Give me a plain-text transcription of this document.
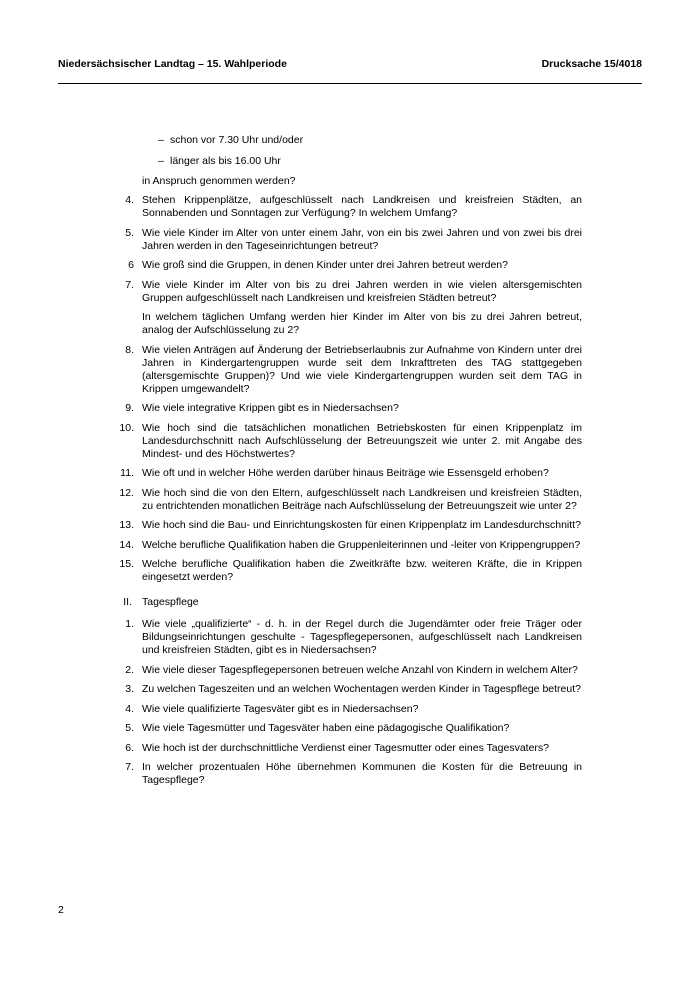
Niedersächsischer Landtag – 15. Wahlperiode	Drucksache 15/4018
– schon vor 7.30 Uhr und/oder
– länger als bis 16.00 Uhr
in Anspruch genommen werden?
4. Stehen Krippenplätze, aufgeschlüsselt nach Landkreisen und kreisfreien Städten, an Sonnabenden und Sonntagen zur Verfügung? In welchem Umfang?
5. Wie viele Kinder im Alter von unter einem Jahr, von ein bis zwei Jahren und von zwei bis drei Jahren werden in den Tageseinrichtungen betreut?
6 Wie groß sind die Gruppen, in denen Kinder unter drei Jahren betreut werden?
7. Wie viele Kinder im Alter von bis zu drei Jahren werden in wie vielen altersgemischten Gruppen aufgeschlüsselt nach Landkreisen und kreisfreien Städten betreut?
In welchem täglichen Umfang werden hier Kinder im Alter von bis zu drei Jahren betreut, analog der Aufschlüsselung zu 2?
8. Wie vielen Anträgen auf Änderung der Betriebserlaubnis zur Aufnahme von Kindern unter drei Jahren in Kindergartengruppen wurde seit dem Inkrafttreten des TAG stattgegeben (altersgemischte Gruppen)? Und wie viele Kindergartengruppen wurden seit dem TAG in Krippen umgewandelt?
9. Wie viele integrative Krippen gibt es in Niedersachsen?
10. Wie hoch sind die tatsächlichen monatlichen Betriebskosten für einen Krippenplatz im Landesdurchschnitt nach Aufschlüsselung der Betreuungszeit wie unter 2. mit Angabe des Mindest- und des Höchstwertes?
11. Wie oft und in welcher Höhe werden darüber hinaus Beiträge wie Essensgeld erhoben?
12. Wie hoch sind die von den Eltern, aufgeschlüsselt nach Landkreisen und kreisfreien Städten, zu entrichtenden monatlichen Beiträge nach Aufschlüsselung der Betreuungszeit wie unter 2?
13. Wie hoch sind die Bau- und Einrichtungskosten für einen Krippenplatz im Landesdurchschnitt?
14. Welche berufliche Qualifikation haben die Gruppenleiterinnen und -leiter von Krippengruppen?
15. Welche berufliche Qualifikation haben die Zweitkräfte bzw. weiteren Kräfte, die in Krippen eingesetzt werden?
II. Tagespflege
1. Wie viele „qualifizierte“ - d. h. in der Regel durch die Jugendämter oder freie Träger oder Bildungseinrichtungen geschulte - Tagespflegepersonen, aufgeschlüsselt nach Landkreisen und kreisfreien Städten, gibt es in Niedersachsen?
2. Wie viele dieser Tagespflegepersonen betreuen welche Anzahl von Kindern in welchem Alter?
3. Zu welchen Tageszeiten und an welchen Wochentagen werden Kinder in Tagespflege betreut?
4. Wie viele qualifizierte Tagesväter gibt es in Niedersachsen?
5. Wie viele Tagesmütter und Tagesväter haben eine pädagogische Qualifikation?
6. Wie hoch ist der durchschnittliche Verdienst einer Tagesmutter oder eines Tagesvaters?
7. In welcher prozentualen Höhe übernehmen Kommunen die Kosten für die Betreuung in Tagespflege?
2
